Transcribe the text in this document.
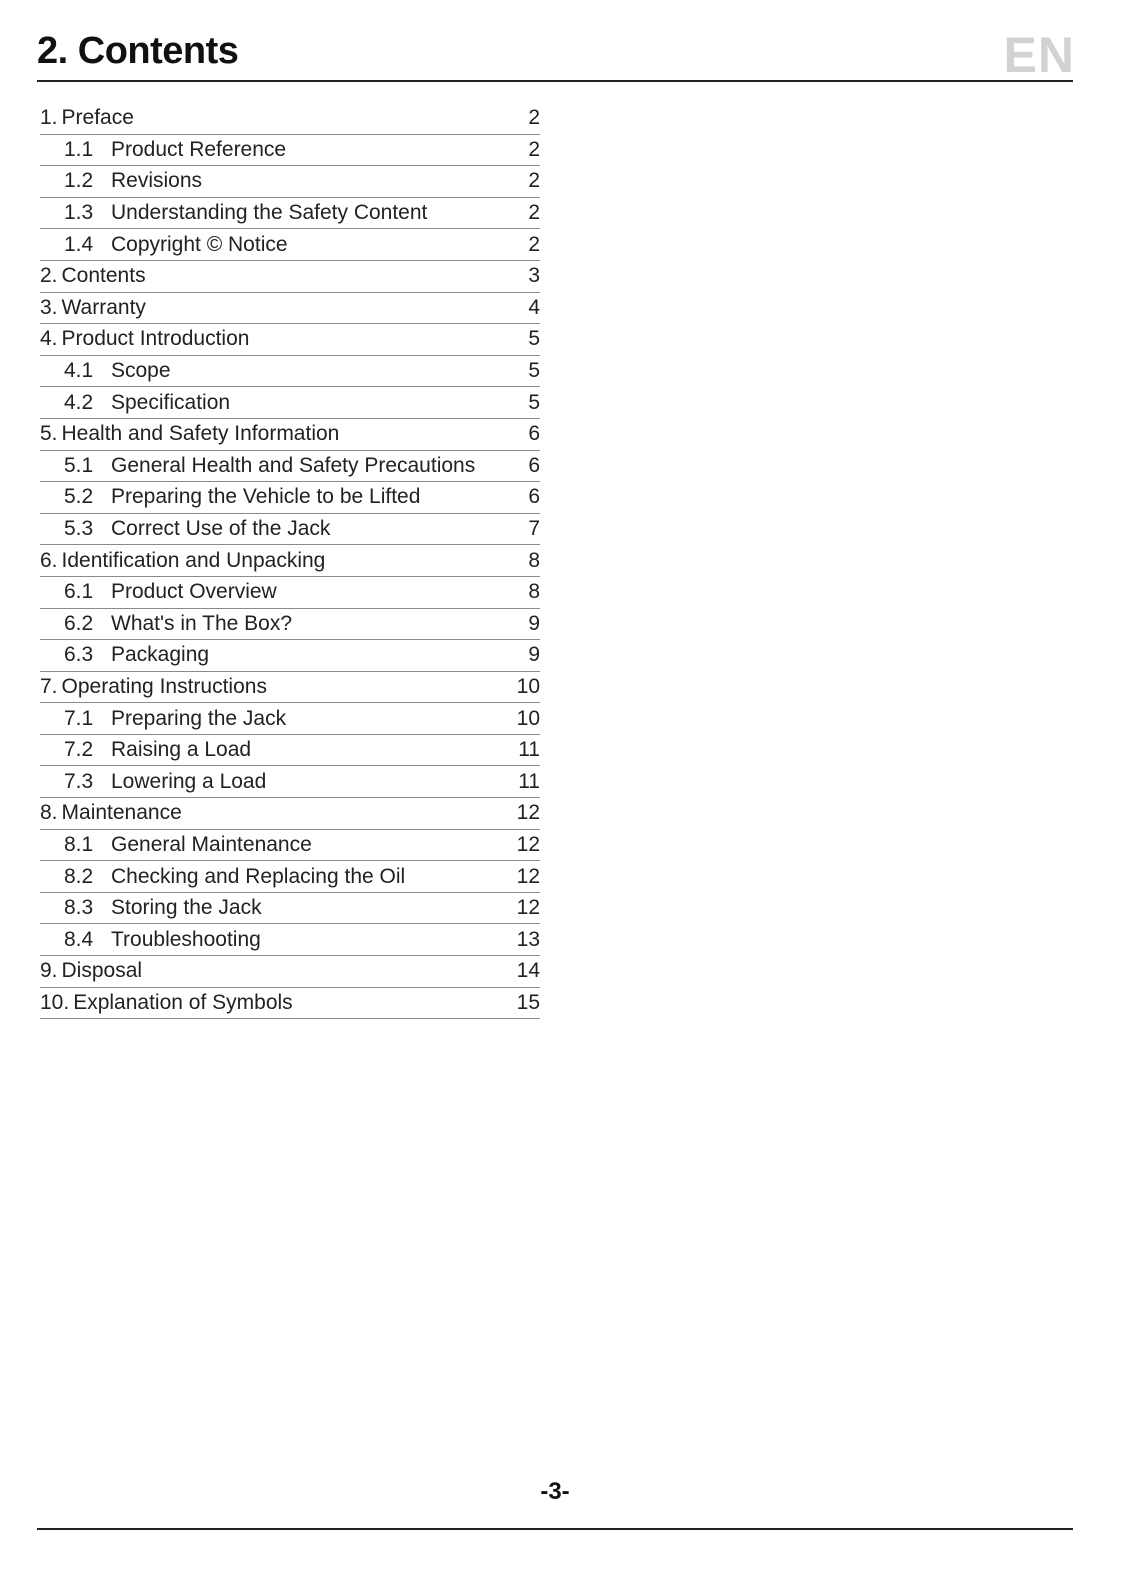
2. Contents	EN
1. Preface	2
1.1 Product Reference	2
1.2 Revisions	2
1.3 Understanding the Safety Content	2
1.4 Copyright © Notice	2
2. Contents	3
3. Warranty	4
4. Product Introduction	5
4.1 Scope	5
4.2 Specification	5
5. Health and Safety Information	6
5.1 General Health and Safety Precautions	6
5.2 Preparing the Vehicle to be Lifted	6
5.3 Correct Use of the Jack	7
6. Identification and Unpacking	8
6.1 Product Overview	8
6.2 What's in The Box?	9
6.3 Packaging	9
7. Operating Instructions	10
7.1 Preparing the Jack	10
7.2 Raising a Load	11
7.3 Lowering a Load	11
8. Maintenance	12
8.1 General Maintenance	12
8.2 Checking and Replacing the Oil	12
8.3 Storing the Jack	12
8.4 Troubleshooting	13
9. Disposal	14
10. Explanation of Symbols	15
-3-
